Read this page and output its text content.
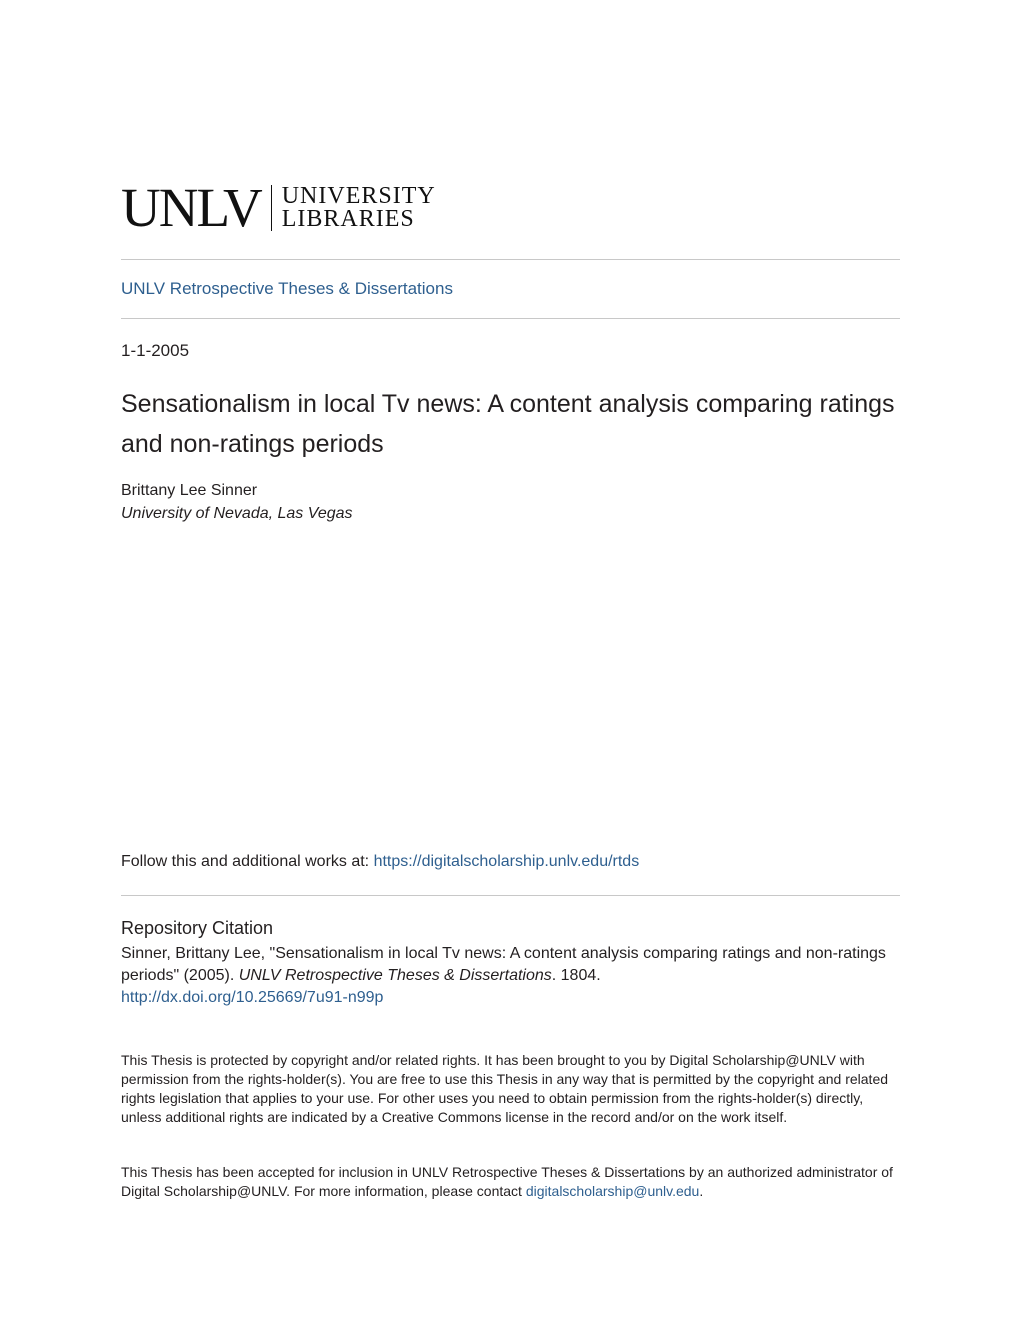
UNLV UNIVERSITY
LIBRARIES
UNLV Retrospective Theses & Dissertations
1-1-2005
Sensationalism in local Tv news: A content analysis comparing ratings and non-ratings periods
Brittany Lee Sinner
University of Nevada, Las Vegas
Follow this and additional works at: https://digitalscholarship.unlv.edu/rtds
Repository Citation
Sinner, Brittany Lee, "Sensationalism in local Tv news: A content analysis comparing ratings and non-ratings periods" (2005). UNLV Retrospective Theses & Dissertations. 1804.
http://dx.doi.org/10.25669/7u91-n99p
This Thesis is protected by copyright and/or related rights. It has been brought to you by Digital Scholarship@UNLV with permission from the rights-holder(s). You are free to use this Thesis in any way that is permitted by the copyright and related rights legislation that applies to your use. For other uses you need to obtain permission from the rights-holder(s) directly, unless additional rights are indicated by a Creative Commons license in the record and/or on the work itself.
This Thesis has been accepted for inclusion in UNLV Retrospective Theses & Dissertations by an authorized administrator of Digital Scholarship@UNLV. For more information, please contact digitalscholarship@unlv.edu.
